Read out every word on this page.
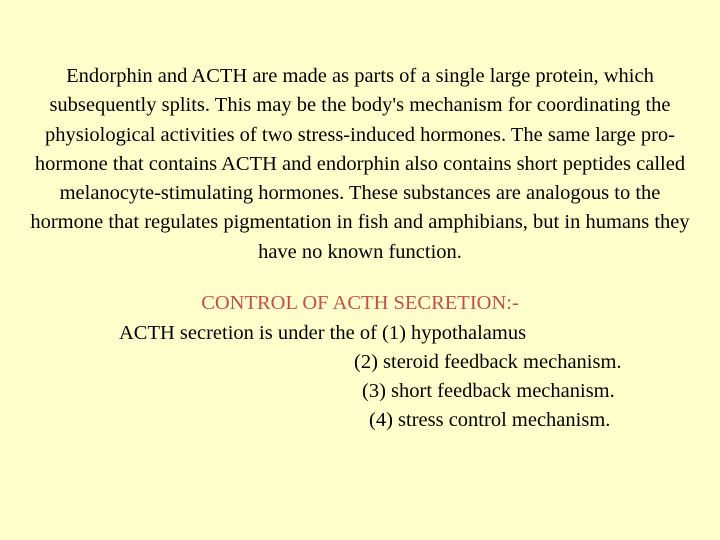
Endorphin and ACTH are made as parts of a single large protein, which subsequently splits. This may be the body's mechanism for coordinating the physiological activities of two stress-induced hormones. The same large pro-hormone that contains ACTH and endorphin also contains short peptides called melanocyte-stimulating hormones. These substances are analogous to the hormone that regulates pigmentation in fish and amphibians, but in humans they have no known function.

CONTROL OF ACTH SECRETION:-

ACTH secretion is under the of (1) hypothalamus

(2) steroid feedback mechanism.

(3) short feedback mechanism.

(4) stress control mechanism.
